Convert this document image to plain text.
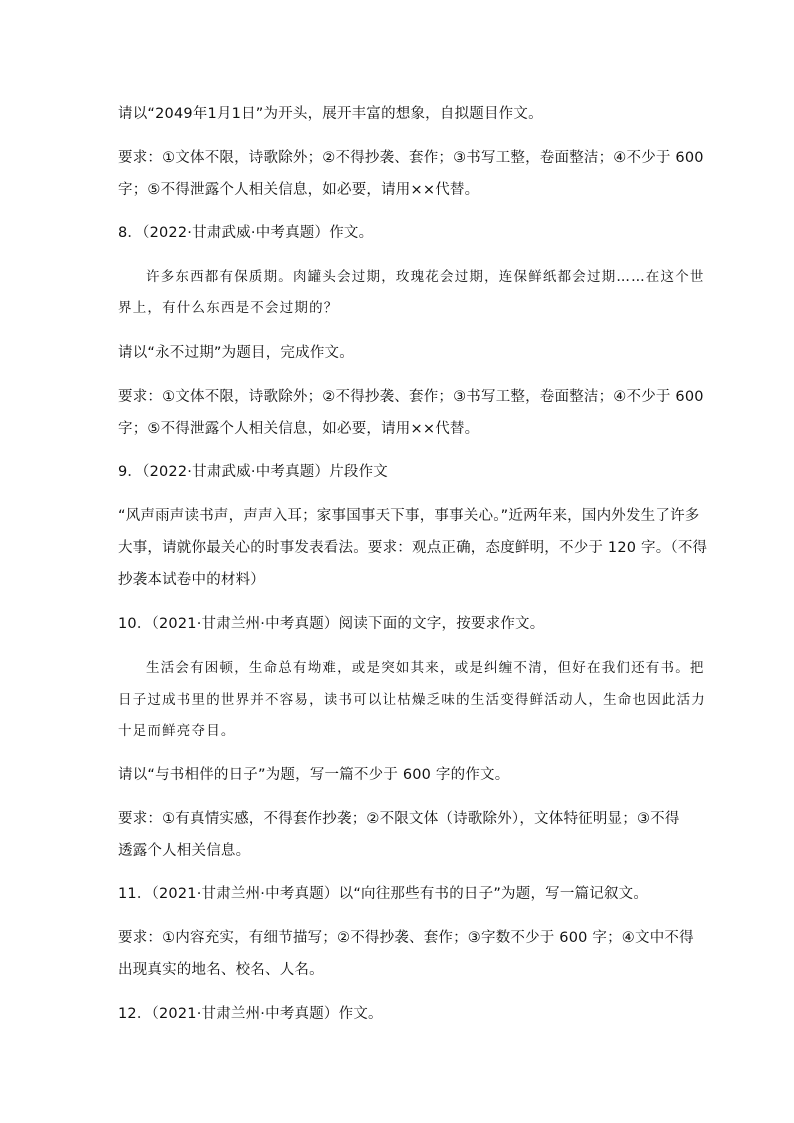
请以“2049年1月1日”为开头，展开丰富的想象，自拟题目作文。
要求：①文体不限，诗歌除外；②不得抄袭、套作；③书写工整，卷面整洁；④不少于 600
字；⑤不得泄露个人相关信息，如必要，请用××代替。
8．（2022·甘肃武威·中考真题）作文。
许多东西都有保质期。肉罐头会过期，玫瑰花会过期，连保鲜纸都会过期……在这个世
界上，有什么东西是不会过期的？
请以“永不过期”为题目，完成作文。
要求：①文体不限，诗歌除外；②不得抄袭、套作；③书写工整，卷面整洁；④不少于 600
字；⑤不得泄露个人相关信息，如必要，请用××代替。
9．（2022·甘肃武威·中考真题）片段作文
“风声雨声读书声，声声入耳；家事国事天下事，事事关心。”近两年来，国内外发生了许多
大事，请就你最关心的时事发表看法。要求：观点正确，态度鲜明，不少于 120 字。（不得
抄袭本试卷中的材料）
10．（2021·甘肃兰州·中考真题）阅读下面的文字，按要求作文。
生活会有困顿，生命总有坳难，或是突如其来，或是纠缠不清，但好在我们还有书。把
日子过成书里的世界并不容易，读书可以让枯燥乏味的生活变得鲜活动人，生命也因此活力
十足而鲜亮夺目。
请以“与书相伴的日子”为题，写一篇不少于 600 字的作文。
要求：①有真情实感，不得套作抄袭；②不限文体（诗歌除外），文体特征明显；③不得
透露个人相关信息。
11．（2021·甘肃兰州·中考真题）以“向往那些有书的日子”为题，写一篇记叙文。
要求：①内容充实，有细节描写；②不得抄袭、套作；③字数不少于 600 字；④文中不得
出现真实的地名、校名、人名。
12．（2021·甘肃兰州·中考真题）作文。
